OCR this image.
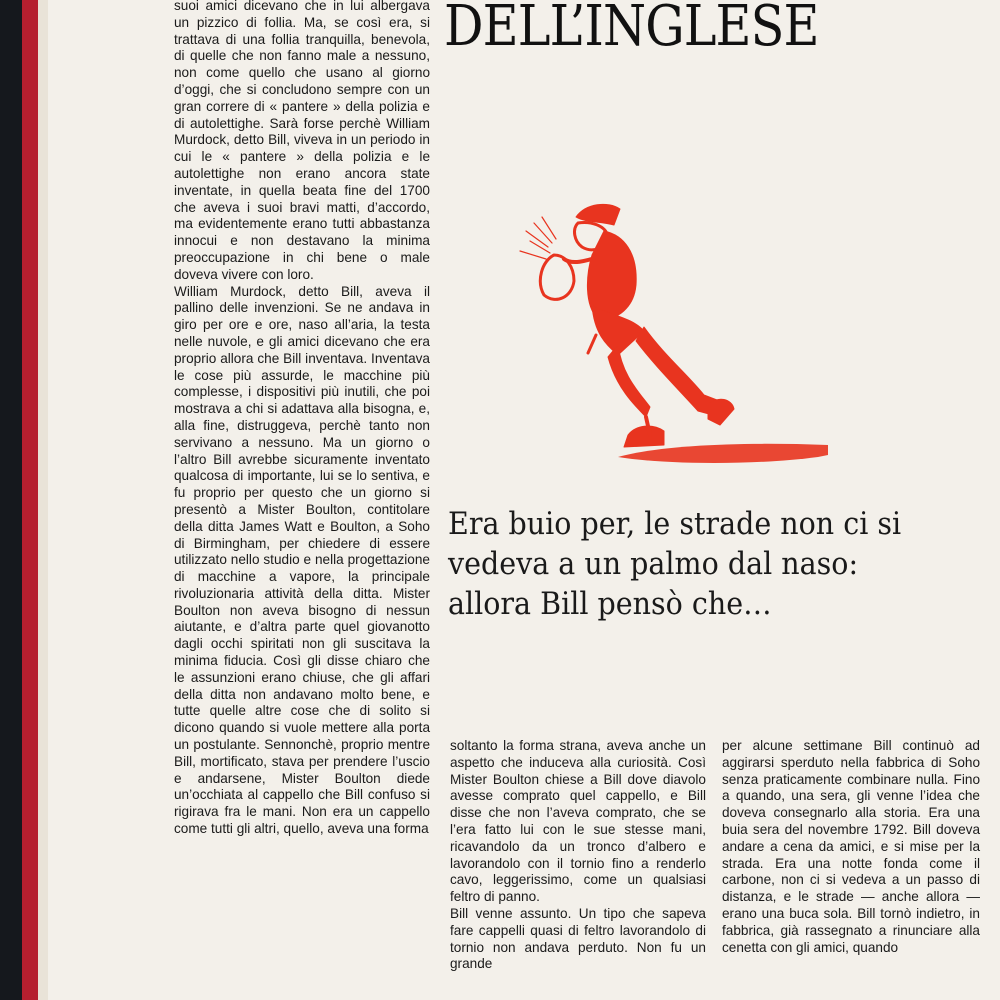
suoi amici dicevano che in lui albergava un pizzico di follia. Ma, se così era, si trattava di una follia tranquilla, benevola, di quelle che non fanno male a nessuno, non come quello che usano al giorno d’oggi, che si concludono sempre con un gran correre di « pantere » della polizia e di autolettighe. Sarà forse perchè William Murdock, detto Bill, viveva in un periodo in cui le « pantere » della polizia e le autolettighe non erano ancora state inventate, in quella beata fine del 1700 che aveva i suoi bravi matti, d’accordo, ma evidentemente erano tutti abbastanza innocui e non destavano la minima preoccupazione in chi bene o male doveva vivere con loro.

William Murdock, detto Bill, aveva il pallino delle invenzioni. Se ne andava in giro per ore e ore, naso all’aria, la testa nelle nuvole, e gli amici dicevano che era proprio allora che Bill inventava. Inventava le cose più assurde, le macchine più complesse, i dispositivi più inutili, che poi mostrava a chi si adattava alla bisogna, e, alla fine, distruggeva, perchè tanto non servivano a nessuno. Ma un giorno o l’altro Bill avrebbe sicuramente inventato qualcosa di importante, lui se lo sentiva, e fu proprio per questo che un giorno si presentò a Mister Boulton, contitolare della ditta James Watt e Boulton, a Soho di Birmingham, per chiedere di essere utilizzato nello studio e nella progettazione di macchine a vapore, la principale rivoluzionaria attività della ditta. Mister Boulton non aveva bisogno di nessun aiutante, e d’altra parte quel giovanotto dagli occhi spiritati non gli suscitava la minima fiducia. Così gli disse chiaro che le assunzioni erano chiuse, che gli affari della ditta non andavano molto bene, e tutte quelle altre cose che di solito si dicono quando si vuole mettere alla porta un postulante. Sennonchè, proprio mentre Bill, mortificato, stava per prendere l’uscio e andarsene, Mister Boulton diede un’occhiata al cappello che Bill confuso si rigirava fra le mani. Non era un cappello come tutti gli altri, quello, aveva una forma

DELL’INGLESE
Era buio per, le strade non ci si vedeva a un palmo dal naso: allora Bill pensò che…

soltanto la forma strana, aveva anche un aspetto che induceva alla curiosità. Così Mister Boulton chiese a Bill dove diavolo avesse comprato quel cappello, e Bill disse che non l’aveva comprato, che se l’era fatto lui con le sue stesse mani, ricavandolo da un tronco d’albero e lavorandolo con il tornio fino a renderlo cavo, leggerissimo, come un qualsiasi feltro di panno.

Bill venne assunto. Un tipo che sapeva fare cappelli quasi di feltro lavorandolo di tornio non andava perduto. Non fu un grande

per alcune settimane Bill continuò ad aggirarsi sperduto nella fabbrica di Soho senza praticamente combinare nulla. Fino a quando, una sera, gli venne l’idea che doveva consegnarlo alla storia. Era una buia sera del novembre 1792. Bill doveva andare a cena da amici, e si mise per la strada. Era una notte fonda come il carbone, non ci si vedeva a un passo di distanza, e le strade — anche allora — erano una buca sola. Bill tornò indietro, in fabbrica, già rassegnato a rinunciare alla cenetta con gli amici, quando
